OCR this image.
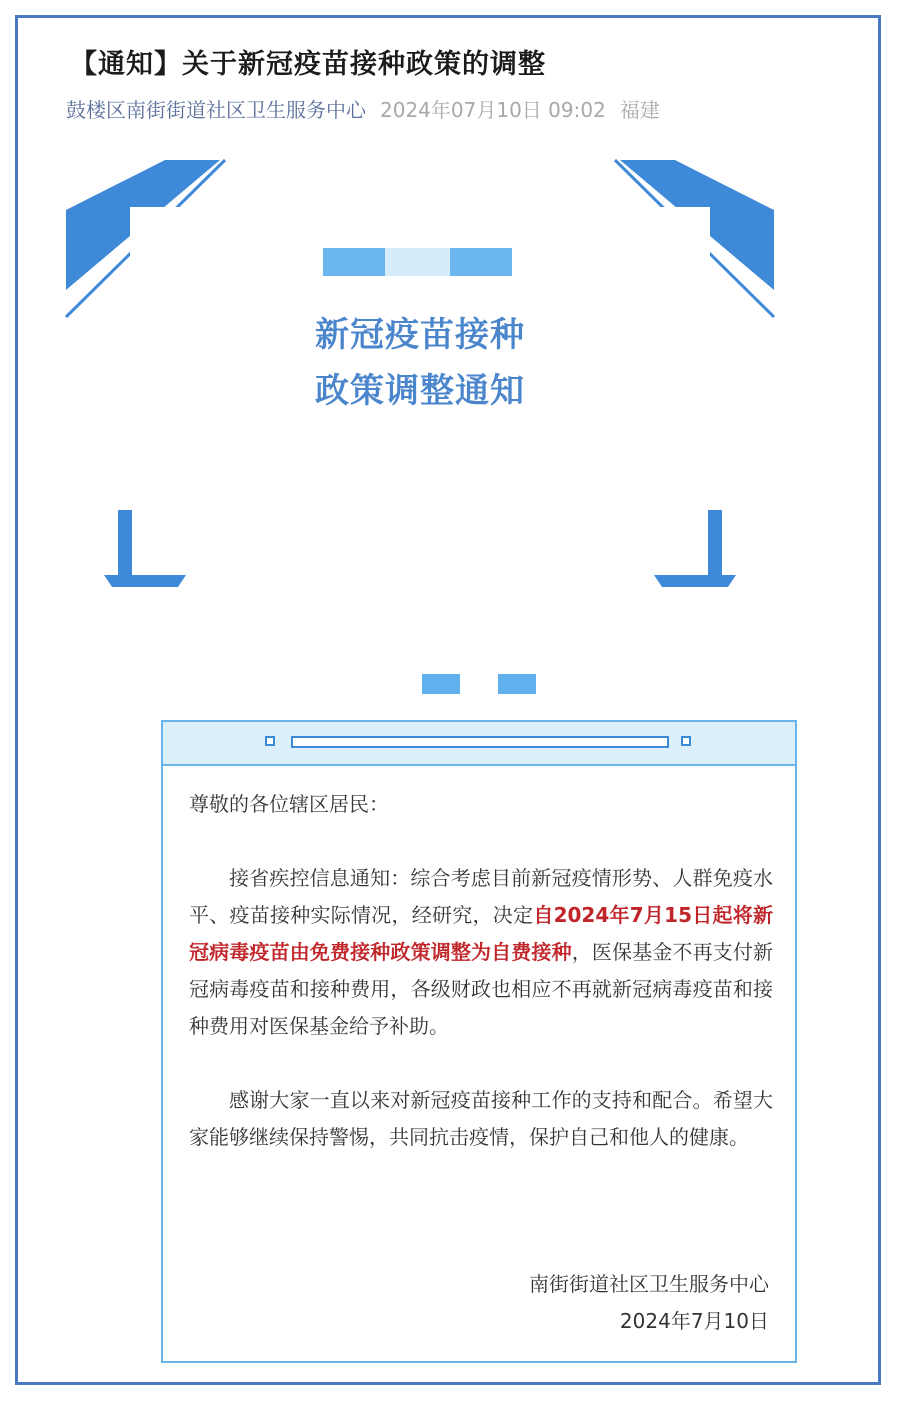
【通知】关于新冠疫苗接种政策的调整
鼓楼区南街街道社区卫生服务中心 2024年07月10日 09:02 福建
新冠疫苗接种
政策调整通知

尊敬的各位辖区居民：

接省疾控信息通知：综合考虑目前新冠疫情形势、人群免疫水平、疫苗接种实际情况，经研究，决定自2024年7月15日起将新冠病毒疫苗由免费接种政策调整为自费接种，医保基金不再支付新冠病毒疫苗和接种费用，各级财政也相应不再就新冠病毒疫苗和接种费用对医保基金给予补助。

感谢大家一直以来对新冠疫苗接种工作的支持和配合。希望大家能够继续保持警惕，共同抗击疫情，保护自己和他人的健康。

南街街道社区卫生服务中心
2024年7月10日
